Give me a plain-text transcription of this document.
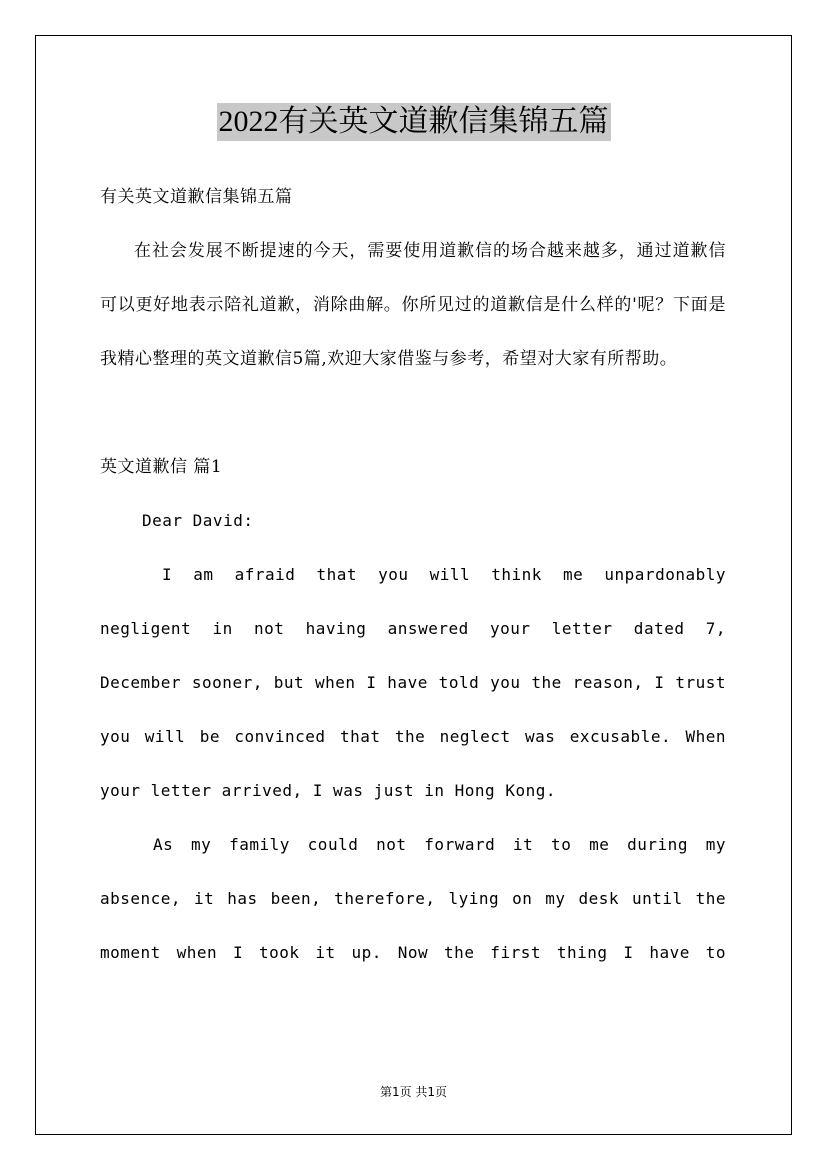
2022有关英文道歉信集锦五篇

有关英文道歉信集锦五篇

在社会发展不断提速的今天，需要使用道歉信的场合越来越多，通过道歉信可以更好地表示陪礼道歉，消除曲解。你所见过的道歉信是什么样的'呢？下面是我精心整理的英文道歉信5篇,欢迎大家借鉴与参考，希望对大家有所帮助。

英文道歉信 篇1

Dear David:

I am afraid that you will think me unpardonably negligent in not having answered your letter dated 7, December sooner, but when I have told you the reason, I trust you will be convinced that the neglect was excusable. When your letter arrived, I was just in Hong Kong.

As my family could not forward it to me during my absence, it has been, therefore, lying on my desk until the moment when I took it up. Now the first thing I have to

第1页 共1页
